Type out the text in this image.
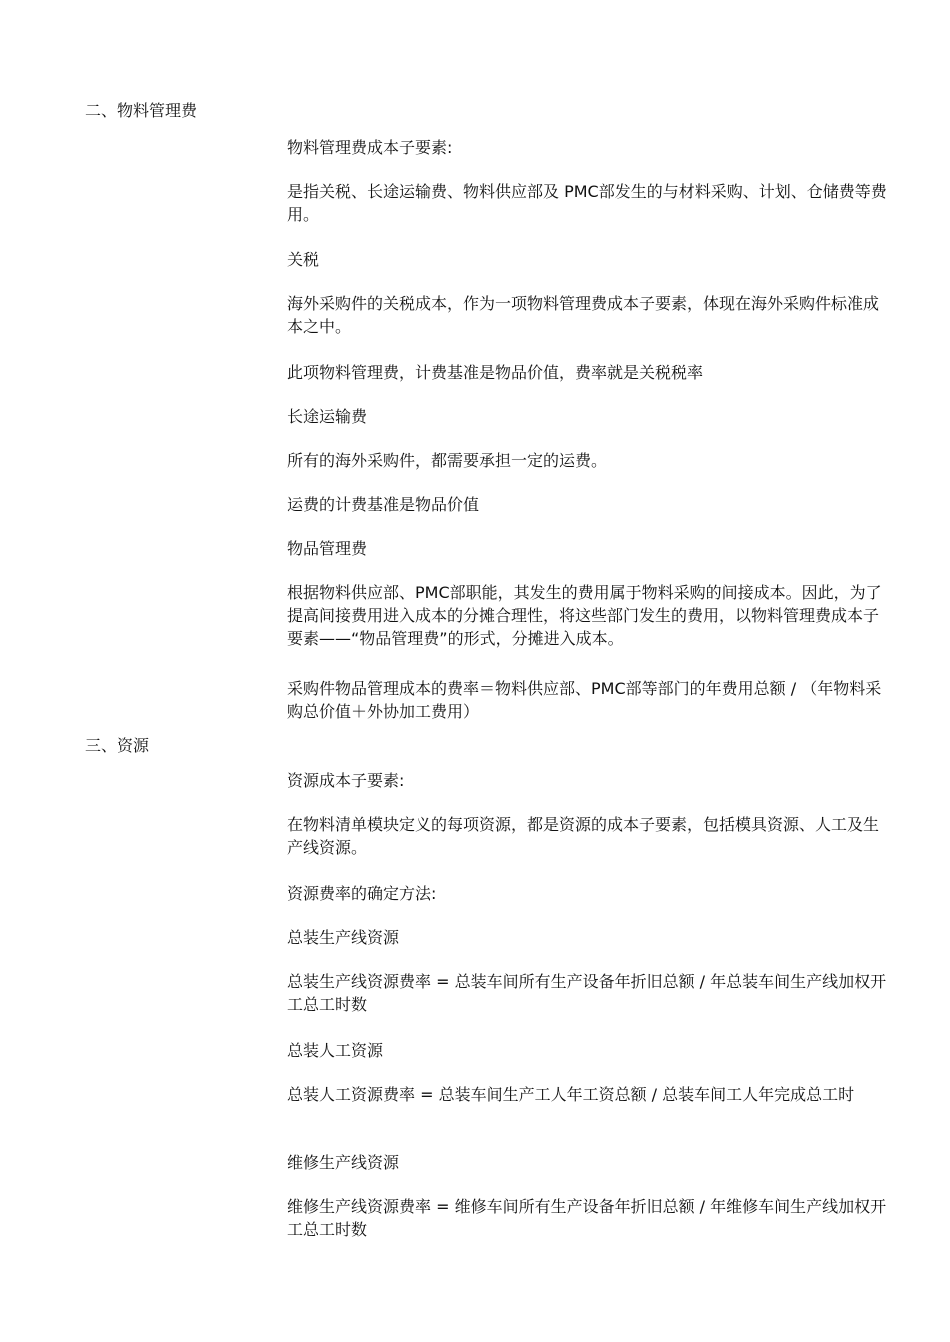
二、物料管理费

物料管理费成本子要素:

是指关税、长途运输费、物料供应部及 PMC部发生的与材料采购、计划、仓储费等费用。

关税

海外采购件的关税成本，作为一项物料管理费成本子要素，体现在海外采购件标准成本之中。

此项物料管理费，计费基准是物品价值，费率就是关税税率

长途运输费

所有的海外采购件，都需要承担一定的运费。

运费的计费基准是物品价值

物品管理费

根据物料供应部、PMC部职能，其发生的费用属于物料采购的间接成本。因此，为了提高间接费用进入成本的分摊合理性，将这些部门发生的费用，以物料管理费成本子要素——“物品管理费”的形式，分摊进入成本。

采购件物品管理成本的费率＝物料供应部、PMC部等部门的年费用总额 / （年物料采购总价值＋外协加工费用）

三、资源

资源成本子要素:

在物料清单模块定义的每项资源，都是资源的成本子要素，包括模具资源、人工及生产线资源。

资源费率的确定方法:

总装生产线资源

总装生产线资源费率 = 总装车间所有生产设备年折旧总额 / 年总装车间生产线加权开工总工时数

总装人工资源

总装人工资源费率 = 总装车间生产工人年工资总额 / 总装车间工人年完成总工时

维修生产线资源

维修生产线资源费率 = 维修车间所有生产设备年折旧总额 / 年维修车间生产线加权开工总工时数
